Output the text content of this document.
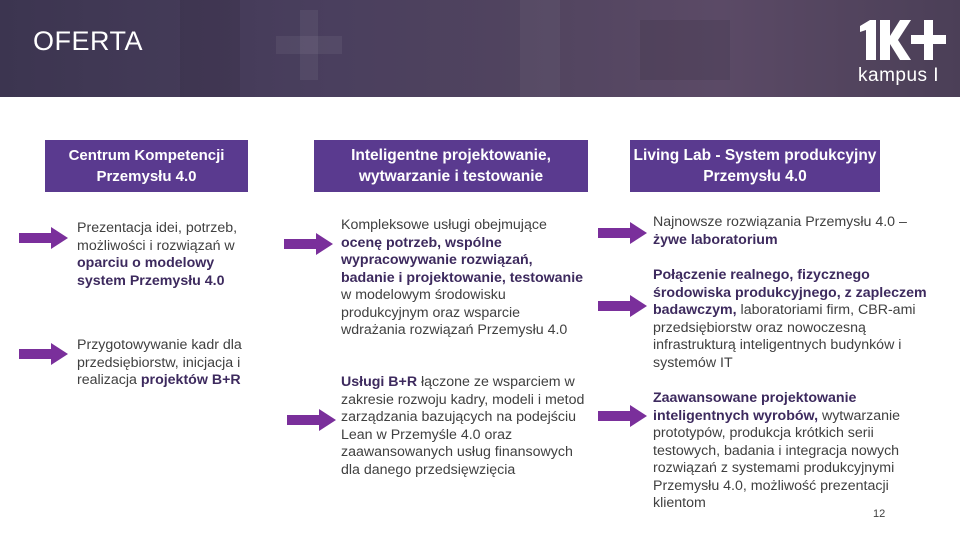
OFERTA
kampus I
Centrum Kompetencji Przemysłu 4.0
Inteligentne projektowanie, wytwarzanie i testowanie
Living Lab - System produkcyjny Przemysłu 4.0
Prezentacja idei, potrzeb, możliwości i rozwiązań w oparciu o modelowy system Przemysłu 4.0
Przygotowywanie kadr dla przedsiębiorstw, inicjacja i realizacja projektów B+R
Kompleksowe usługi obejmujące ocenę potrzeb, wspólne wypracowywanie rozwiązań, badanie i projektowanie, testowanie w modelowym środowisku produkcyjnym oraz wsparcie wdrażania rozwiązań Przemysłu 4.0
Usługi B+R łączone ze wsparciem w zakresie rozwoju kadry, modeli i metod zarządzania bazujących na podejściu Lean w Przemyśle 4.0 oraz zaawansowanych usług finansowych dla danego przedsięwzięcia
Najnowsze rozwiązania Przemysłu 4.0 – żywe laboratorium
Połączenie realnego, fizycznego środowiska produkcyjnego, z zapleczem badawczym, laboratoriami firm, CBR-ami przedsiębiorstw oraz nowoczesną infrastrukturą inteligentnych budynków i systemów IT
Zaawansowane projektowanie inteligentnych wyrobów, wytwarzanie prototypów, produkcja krótkich serii testowych, badania i integracja nowych rozwiązań z systemami produkcyjnymi Przemysłu 4.0, możliwość prezentacji klientom
12
